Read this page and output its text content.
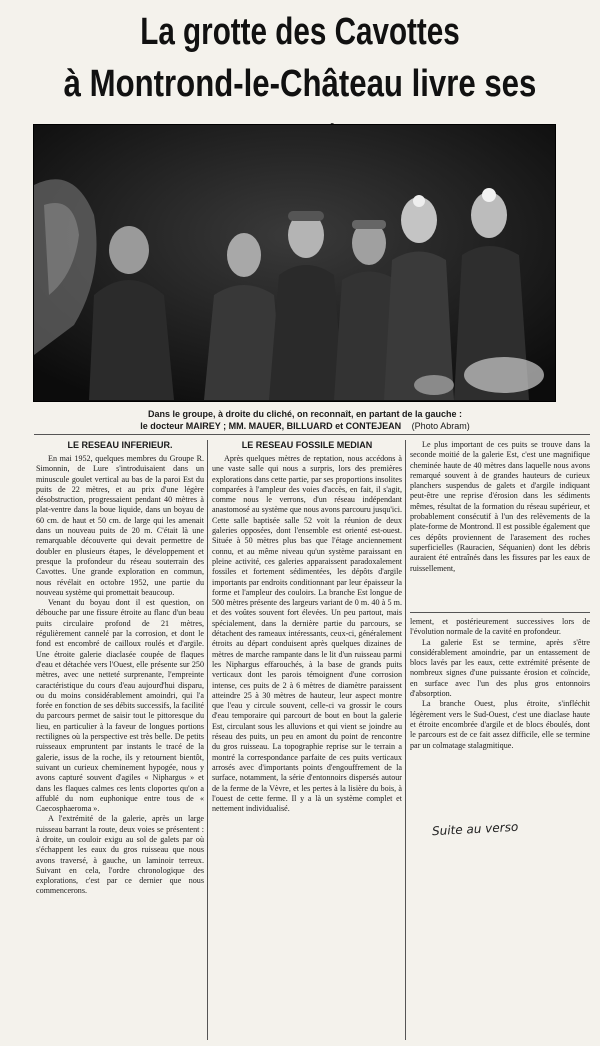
La grotte des Cavottes
à Montrond-le-Château livre ses
Dans le groupe, à droite du cliché, on reconnaît, en partant de la gauche :
le docteur MAIREY ; MM. MAUER, BILLUARD et CONTEJEAN (Photo Abram)
LE RESEAU INFERIEUR.

En mai 1952, quelques membres du Groupe R. Simonnin, de Lure s'introduisaient dans un minuscule goulet vertical au bas de la paroi Est du puits de 22 mètres, et au prix d'une légère désobstruction, progressaient pendant 40 mètres à plat-ventre dans la boue liquide, dans un boyau de 60 cm. de haut et 50 cm. de large qui les amenait dans un nouveau puits de 20 m. C'était là une remarquable découverte qui devait permettre de doubler en plusieurs étapes, le développement et presque la profondeur du réseau souterrain des Cavottes. Une grande exploration en commun, nous révélait en octobre 1952, une partie du nouveau système qui promettait beaucoup.

Venant du boyau dont il est question, on débouche par une fissure étroite au flanc d'un beau puits circulaire profond de 21 mètres, régulièrement cannelé par la corrosion, et dont le fond est encombré de cailloux roulés et d'argile. Une étroite galerie diaclasée coupée de flaques d'eau et détachée vers l'Ouest, elle présente sur 250 mètres, avec une netteté surprenante, l'empreinte caractéristique du cours d'eau aujourd'hui disparu, ou du moins considérablement amoindri, qui l'a forée en fonction de ses débits successifs, la facilité du parcours permet de saisir tout le pittoresque du lieu, en particulier à la faveur de longues portions rectilignes où la perspective est très belle. De petits ruisseaux empruntent par instants le tracé de la galerie, issus de la roche, ils y retournent bientôt, suivant un curieux cheminement hypogée, nous y avons capturé souvent d'agiles « Niphargus » et dans les flaques calmes ces lents cloportes qu'on a affublé du nom euphonique entre tous de « Caecosphaeroma ».

A l'extrémité de la galerie, après un large ruisseau barrant la route, deux voies se présentent : à droite, un couloir exigu au sol de galets par où s'échappent les eaux du gros ruisseau que nous avons traversé, à gauche, un laminoir terreux. Suivant en cela, l'ordre chronologique des explorations, c'est par ce dernier que nous commencerons.

LE RESEAU FOSSILE MEDIAN

Après quelques mètres de reptation, nous accédons à une vaste salle qui nous a surpris, lors des premières explorations dans cette partie, par ses proportions insolites comparées à l'ampleur des voies d'accès, en fait, il s'agit, comme nous le verrons, d'un réseau indépendant anastomosé au système que nous avons parcouru jusqu'ici. Cette salle baptisée salle 52 voit la réunion de deux galeries opposées, dont l'ensemble est orienté est-ouest. Située à 50 mètres plus bas que l'étage anciennement connu, et au même niveau qu'un système paraissant en pleine activité, ces galeries apparaissent paradoxalement fossiles et fortement sédimentées, les dépôts d'argile importants par endroits conditionnant par leur épaisseur la forme et l'ampleur des couloirs. La branche Est longue de 500 mètres présente des largeurs variant de 0 m. 40 à 5 m. et des voûtes souvent fort élevées. Un peu partout, mais spécialement, dans la dernière partie du parcours, se détachent des rameaux intéressants, ceux-ci, généralement étroits au départ conduisent après quelques dizaines de mètres de marche rampante dans le lit d'un ruisseau parmi les Niphargus effarouchés, à la base de grands puits verticaux dont les parois témoignent d'une corrosion intense, ces puits de 2 à 6 mètres de diamètre paraissent atteindre 25 à 30 mètres de hauteur, leur aspect montre que l'eau y circule souvent, celle-ci va grossir le cours d'eau temporaire qui parcourt de bout en bout la galerie Est, circulant sous les alluvions et qui vient se joindre au réseau des puits, un peu en amont du point de rencontre du gros ruisseau. La topographie reprise sur le terrain a montré la correspondance parfaite de ces puits verticaux arrosés avec d'importants points d'engouffrement de la surface, notamment, la série d'entonnoirs dispersés autour de la ferme de la Vèvre, et les pertes à la lisière du bois, à l'ouest de cette ferme. Il y a là un système complet et nettement individualisé.

Le plus important de ces puits se trouve dans la seconde moitié de la galerie Est, c'est une magnifique cheminée haute de 40 mètres dans laquelle nous avons remarqué souvent à de grandes hauteurs de curieux planchers suspendus de galets et d'argile indiquant peut-être une reprise d'érosion dans les sédiments mêmes, résultat de la formation du réseau supérieur, et probablement consécutif à l'un des relèvements de la plate-forme de Montrond. Il est possible également que ces dépôts proviennent de l'arasement des roches superficielles (Rauracien, Séquanien) dont les débris auraient été entraînés dans les fissures par les eaux de ruissellement,

lement, et postérieurement successives lors de l'évolution normale de la cavité en profondeur.

La galerie Est se termine, après s'être considérablement amoindrie, par un entassement de blocs lavés par les eaux, cette extrémité présente de nombreux signes d'une puissante érosion et coïncide, en surface avec l'un des plus gros entonnoirs d'absorption.

La branche Ouest, plus étroite, s'infléchit légèrement vers le Sud-Ouest, c'est une diaclase haute et étroite encombrée d'argile et de blocs éboulés, dont le parcours est de ce fait assez difficile, elle se termine par un colmatage stalagmitique.

Suite au verso
